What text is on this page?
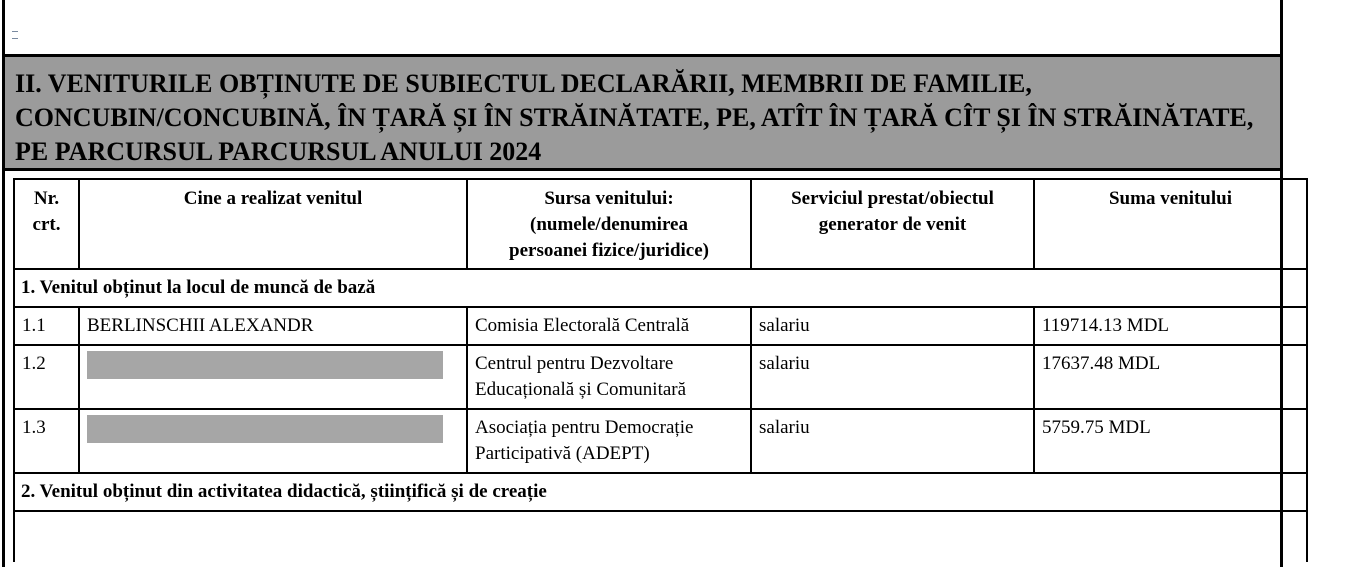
II. VENITURILE OBȚINUTE DE SUBIECTUL DECLARĂRII, MEMBRII DE FAMILIE,
CONCUBIN/CONCUBINĂ, ÎN ȚARĂ ȘI ÎN STRĂINĂTATE, PE, ATÎT ÎN ȚARĂ CÎT ȘI ÎN STRĂINĂTATE,
PE PARCURSUL PARCURSUL ANULUI 2024

Nr. crt.	Cine a realizat venitul	Sursa venitului:
(numele/denumirea
persoanei fizice/juridice)	Serviciul prestat/obiectul generator de venit	Suma venitului
1. Venitul obținut la locul de muncă de bază				
1.1	BERLINSCHII ALEXANDR	Comisia Electorală Centrală	salariu	119714.13 MDL
1.2		Centrul pentru Dezvoltare Educațională și Comunitară	salariu	17637.48 MDL
1.3		Asociația pentru Democrație Participativă (ADEPT)	salariu	5759.75 MDL
2. Venitul obținut din activitatea didactică, științifică și de creație				
